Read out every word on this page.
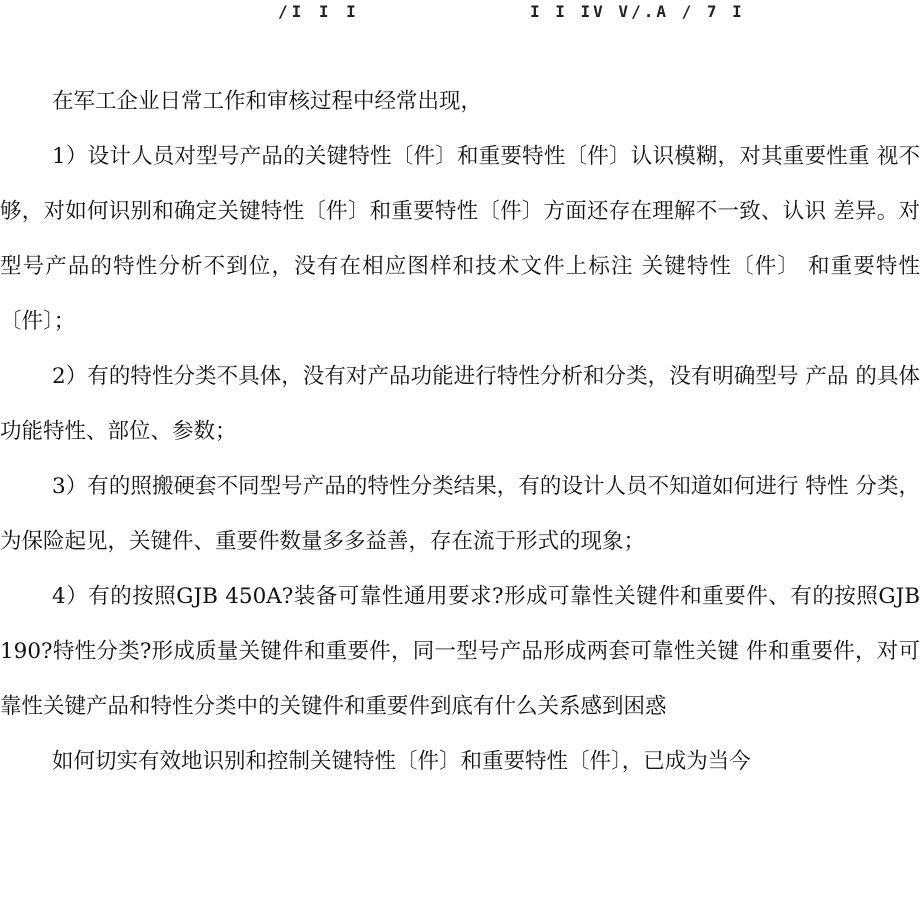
/I I I	I I IV V/.A / 7 I

在军工企业日常工作和审核过程中经常出现，

1）设计人员对型号产品的关键特性〔件〕和重要特性〔件〕认识模糊，对其重要性重 视不够，对如何识别和确定关键特性〔件〕和重要特性〔件〕方面还存在理解不一致、认识 差异。对型号产品的特性分析不到位，没有在相应图样和技术文件上标注 关键特性〔件〕 和重要特性〔件〕；

2）有的特性分类不具体，没有对产品功能进行特性分析和分类，没有明确型号 产品 的具体功能特性、部位、参数；

3）有的照搬硬套不同型号产品的特性分类结果，有的设计人员不知道如何进行 特性 分类，为保险起见，关键件、重要件数量多多益善，存在流于形式的现象；

4）有的按照GJB 450A?装备可靠性通用要求?形成可靠性关键件和重要件、有的按照GJB 190?特性分类?形成质量关键件和重要件，同一型号产品形成两套可靠性关键 件和重要件，对可靠性关键产品和特性分类中的关键件和重要件到底有什么关系感到困惑

如何切实有效地识别和控制关键特性〔件〕和重要特性〔件〕，已成为当今
